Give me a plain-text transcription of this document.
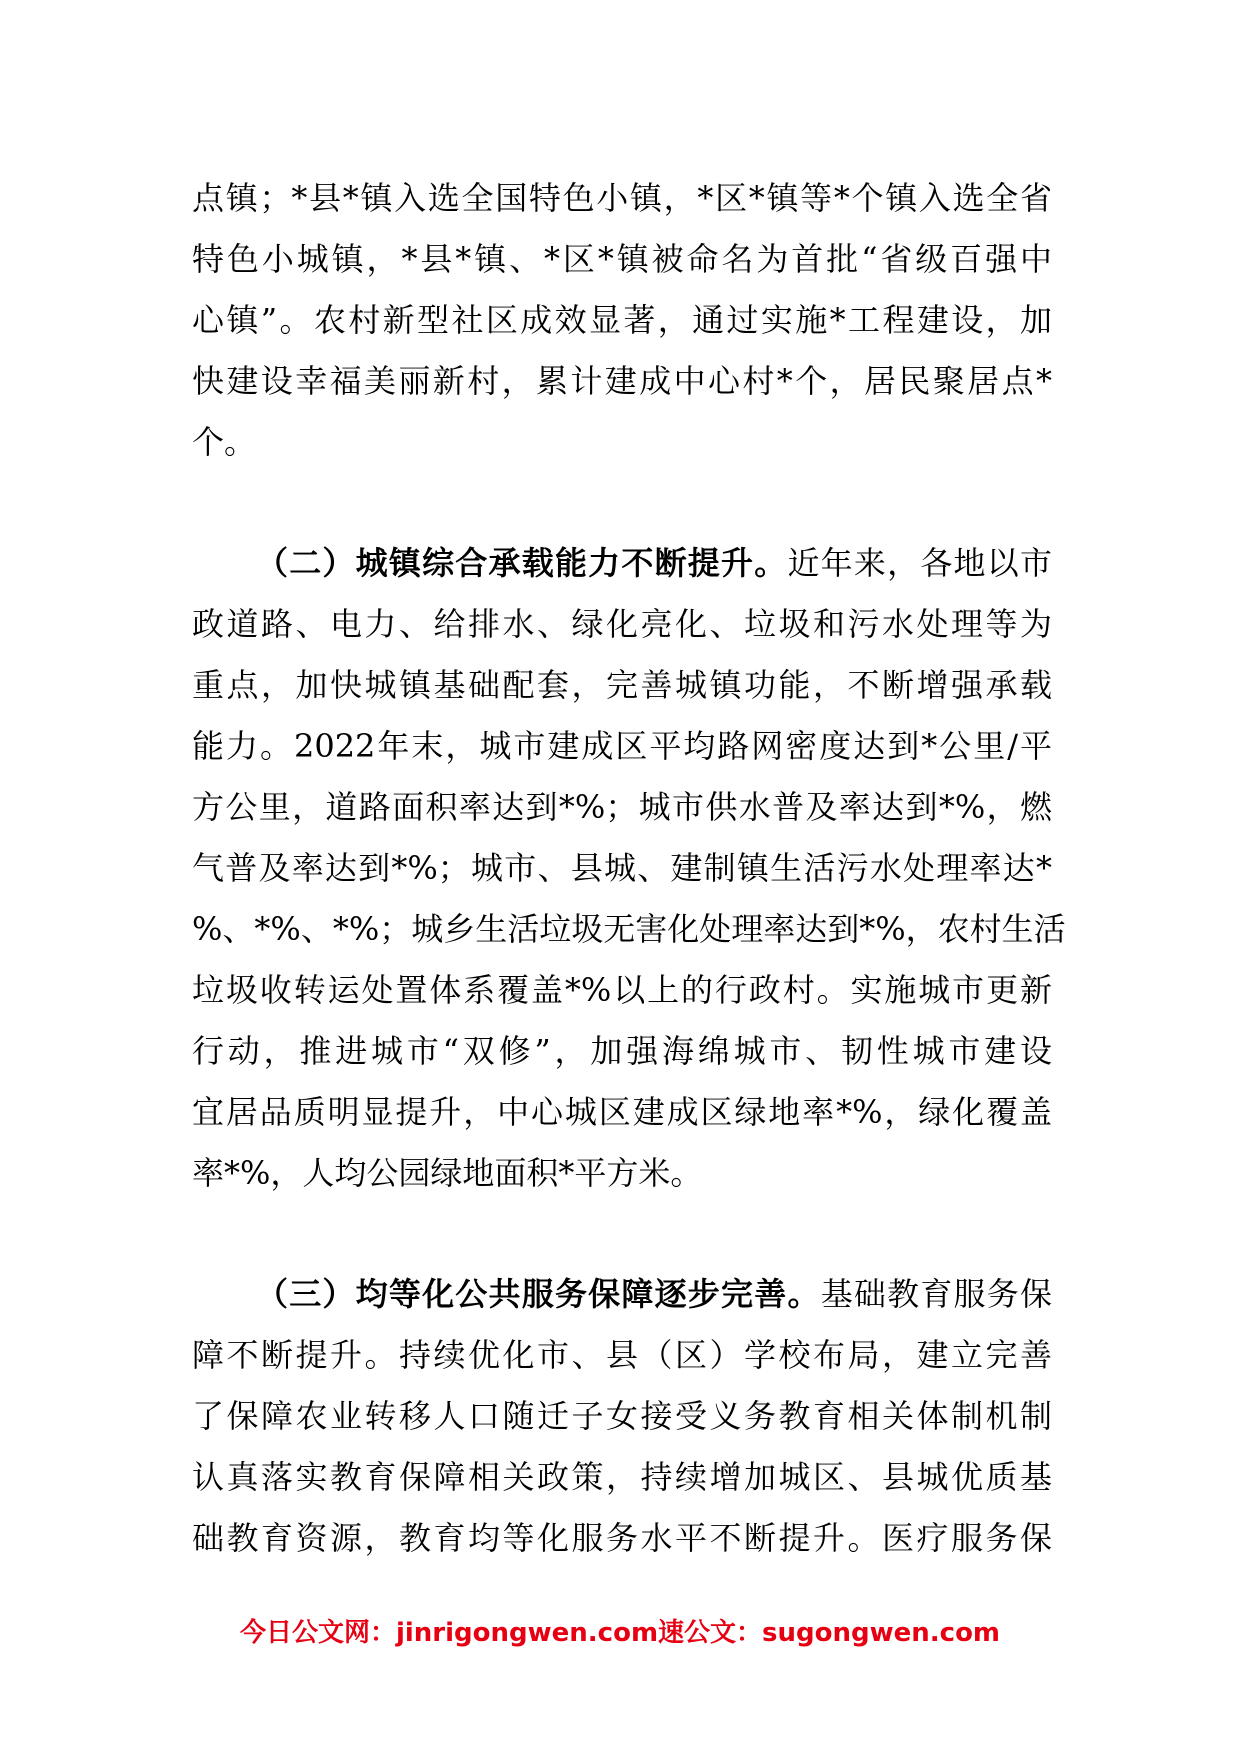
点镇；*县*镇入选全国特色小镇，*区*镇等*个镇入选全省
特色小城镇，*县*镇、*区*镇被命名为首批“省级百强中
心镇”。农村新型社区成效显著，通过实施*工程建设，加
快建设幸福美丽新村，累计建成中心村*个，居民聚居点*
个。
（二）城镇综合承载能力不断提升。近年来，各地以市
政道路、电力、给排水、绿化亮化、垃圾和污水处理等为
重点，加快城镇基础配套，完善城镇功能，不断增强承载
能力。2022年末，城市建成区平均路网密度达到*公里/平
方公里，道路面积率达到*%；城市供水普及率达到*%，燃
气普及率达到*%；城市、县城、建制镇生活污水处理率达*
%、*%、*%；城乡生活垃圾无害化处理率达到*%，农村生活
垃圾收转运处置体系覆盖*%以上的行政村。实施城市更新
行动，推进城市“双修”，加强海绵城市、韧性城市建设
宜居品质明显提升，中心城区建成区绿地率*%，绿化覆盖
率*%，人均公园绿地面积*平方米。
（三）均等化公共服务保障逐步完善。基础教育服务保
障不断提升。持续优化市、县（区）学校布局，建立完善
了保障农业转移人口随迁子女接受义务教育相关体制机制
认真落实教育保障相关政策，持续增加城区、县城优质基
础教育资源，教育均等化服务水平不断提升。医疗服务保
今日公文网：jinrigongwen.com速公文：sugongwen.com
